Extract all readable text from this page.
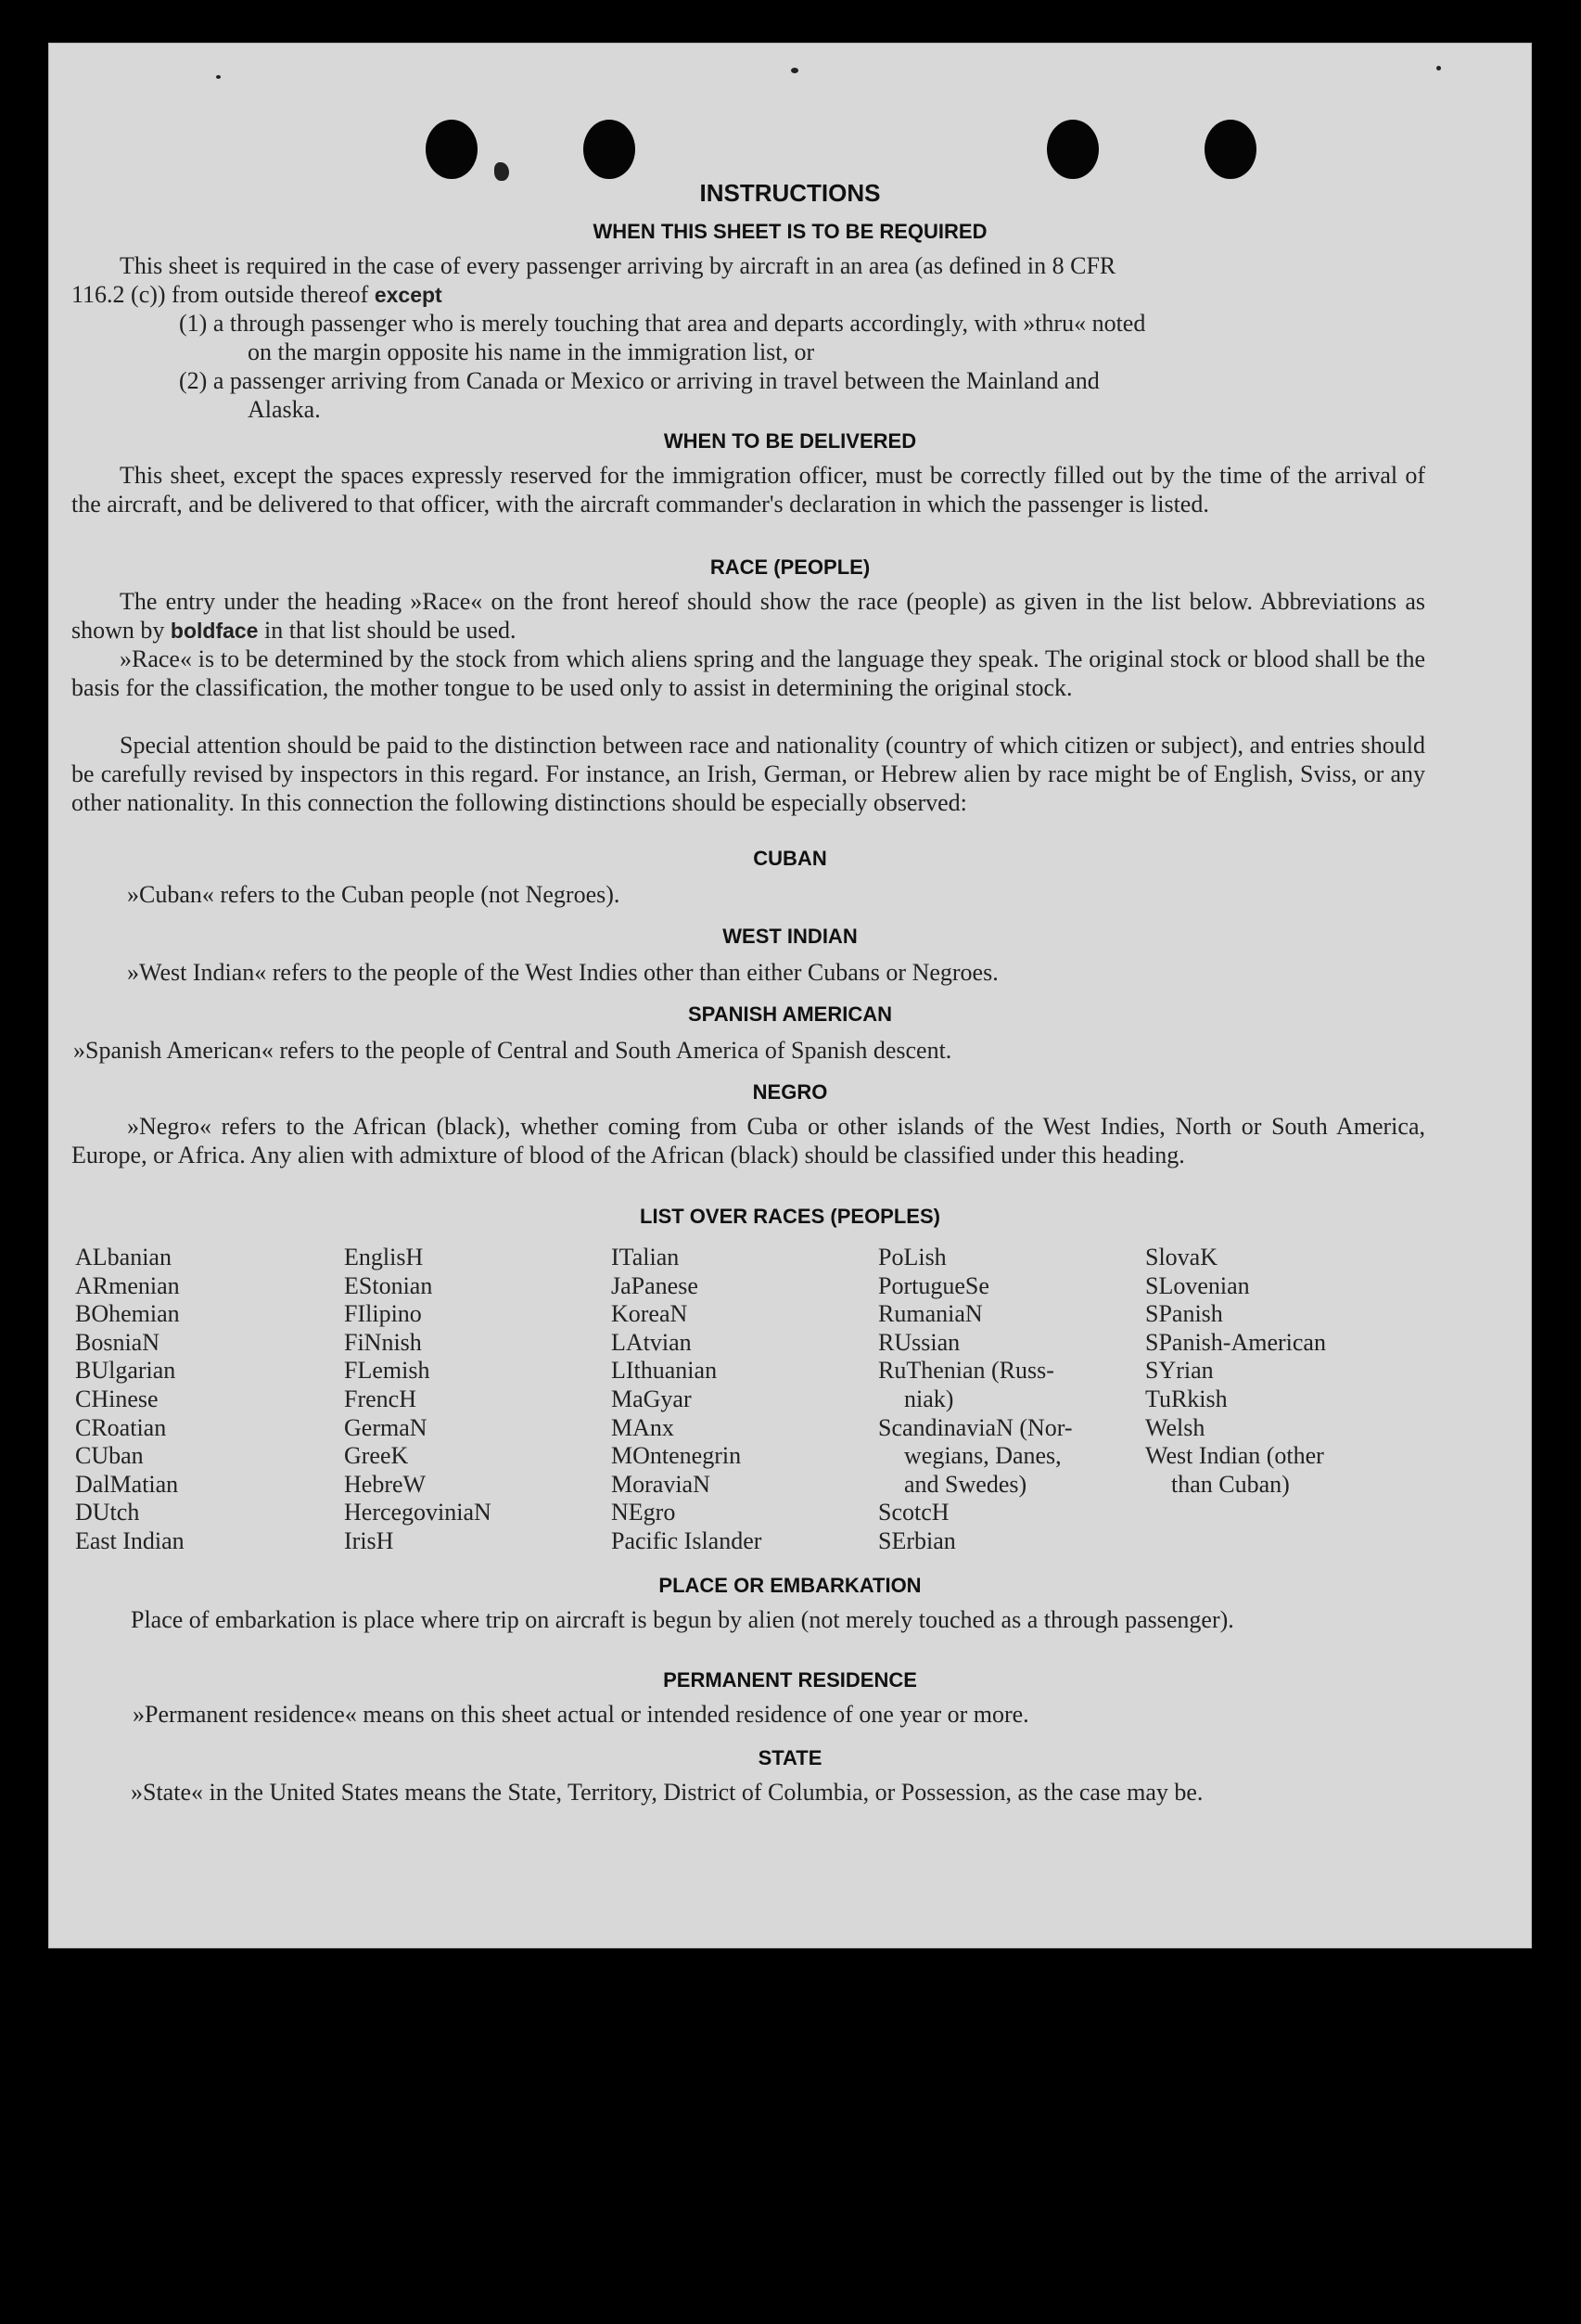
INSTRUCTIONS
WHEN THIS SHEET IS TO BE REQUIRED
This sheet is required in the case of every passenger arriving by aircraft in an area (as defined in 8 CFR
116.2 (c)) from outside thereof except
(1) a through passenger who is merely touching that area and departs accordingly, with »thru« noted
on the margin opposite his name in the immigration list, or
(2) a passenger arriving from Canada or Mexico or arriving in travel between the Mainland and
Alaska.
WHEN TO BE DELIVERED
This sheet, except the spaces expressly reserved for the immigration officer, must be correctly filled out by the time of the arrival of the aircraft, and be delivered to that officer, with the aircraft commander's declaration in which the passenger is listed.
RACE (PEOPLE)
The entry under the heading »Race« on the front hereof should show the race (people) as given in the list below. Abbreviations as shown by boldface in that list should be used.
»Race« is to be determined by the stock from which aliens spring and the language they speak. The original stock or blood shall be the basis for the classification, the mother tongue to be used only to assist in determining the original stock.
Special attention should be paid to the distinction between race and nationality (country of which citizen or subject), and entries should be carefully revised by inspectors in this regard. For instance, an Irish, German, or Hebrew alien by race might be of English, Sviss, or any other nationality. In this connection the following distinctions should be especially observed:
CUBAN
»Cuban« refers to the Cuban people (not Negroes).
WEST INDIAN
»West Indian« refers to the people of the West Indies other than either Cubans or Negroes.
SPANISH AMERICAN
»Spanish American« refers to the people of Central and South America of Spanish descent.
NEGRO
»Negro« refers to the African (black), whether coming from Cuba or other islands of the West Indies, North or South America, Europe, or Africa. Any alien with admixture of blood of the African (black) should be classified under this heading.
LIST OVER RACES (PEOPLES)
ALbanian
ARmenian
BOhemian
BosniaN
BUlgarian
CHinese
CRoatian
CUban
DalMatian
DUtch
East Indian
EnglisH
EStonian
FIlipino
FiNnish
FLemish
FrencH
GermaN
GreeK
HebreW
HercegoviniaN
IrisH
ITalian
JaPanese
KoreaN
LAtvian
LIthuanian
MaGyar
MAnx
MOntenegrin
MoraviaN
NEgro
Pacific Islander
PoLish
PortugueSe
RumaniaN
RUssian
RuThenian (Russ-
niak)
ScandinaviaN (Nor-
wegians, Danes,
and Swedes)
ScotcH
SErbian
SlovaK
SLovenian
SPanish
SPanish-American
SYrian
TuRkish
Welsh
West Indian (other
than Cuban)
PLACE OR EMBARKATION
Place of embarkation is place where trip on aircraft is begun by alien (not merely touched as a through passenger).
PERMANENT RESIDENCE
»Permanent residence« means on this sheet actual or intended residence of one year or more.
STATE
»State« in the United States means the State, Territory, District of Columbia, or Possession, as the case may be.
